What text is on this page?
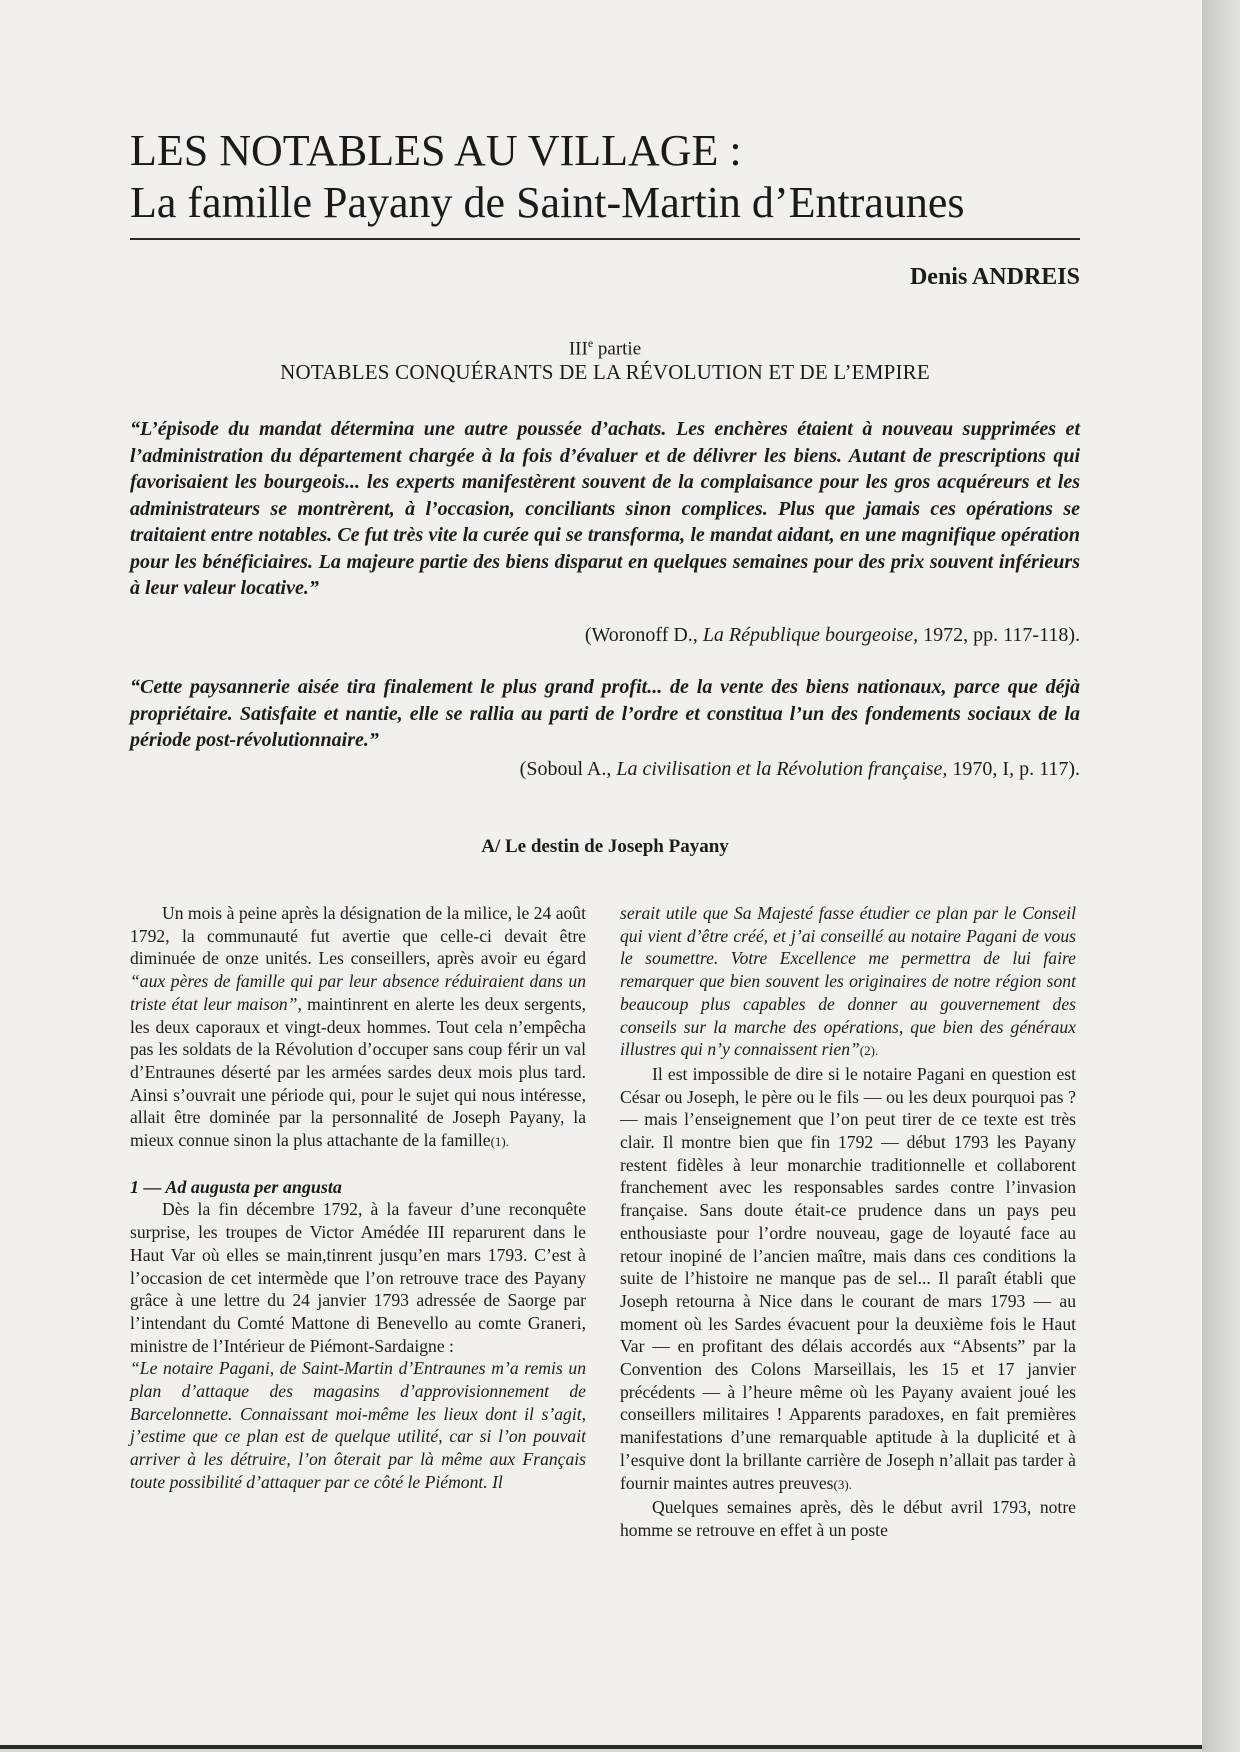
LES NOTABLES AU VILLAGE :
La famille Payany de Saint-Martin d’Entraunes
Denis ANDREIS
IIIe partie
NOTABLES CONQUÉRANTS DE LA RÉVOLUTION ET DE L’EMPIRE
“L’épisode du mandat détermina une autre poussée d’achats. Les enchères étaient à nouveau supprimées et l’administration du département chargée à la fois d’évaluer et de délivrer les biens. Autant de prescriptions qui favorisaient les bourgeois... les experts manifestèrent souvent de la complaisance pour les gros acquéreurs et les administrateurs se montrèrent, à l’occasion, conciliants sinon complices. Plus que jamais ces opérations se traitaient entre notables. Ce fut très vite la curée qui se transforma, le mandat aidant, en une magnifique opération pour les bénéficiaires. La majeure partie des biens disparut en quelques semaines pour des prix souvent inférieurs à leur valeur locative.”
(Woronoff D., La République bourgeoise, 1972, pp. 117-118).
“Cette paysannerie aisée tira finalement le plus grand profit... de la vente des biens nationaux, parce que déjà propriétaire. Satisfaite et nantie, elle se rallia au parti de l’ordre et constitua l’un des fondements sociaux de la période post-révolutionnaire.”
(Soboul A., La civilisation et la Révolution française, 1970, I, p. 117).
A/ Le destin de Joseph Payany

Un mois à peine après la désignation de la milice, le 24 août 1792, la communauté fut avertie que celle-ci devait être diminuée de onze unités. Les conseillers, après avoir eu égard “aux pères de famille qui par leur absence réduiraient dans un triste état leur maison”, maintinrent en alerte les deux sergents, les deux caporaux et vingt-deux hommes. Tout cela n’empêcha pas les soldats de la Révolution d’occuper sans coup férir un val d’Entraunes déserté par les armées sardes deux mois plus tard. Ainsi s’ouvrait une période qui, pour le sujet qui nous intéresse, allait être dominée par la personnalité de Joseph Payany, la mieux connue sinon la plus attachante de la famille(1).

1 — Ad augusta per angusta

Dès la fin décembre 1792, à la faveur d’une reconquête surprise, les troupes de Victor Amédée III reparurent dans le Haut Var où elles se main,tinrent jusqu’en mars 1793. C’est à l’occasion de cet intermède que l’on retrouve trace des Payany grâce à une lettre du 24 janvier 1793 adressée de Saorge par l’intendant du Comté Mattone di Benevello au comte Graneri, ministre de l’Intérieur de Piémont-Sardaigne :

“Le notaire Pagani, de Saint-Martin d’Entraunes m’a remis un plan d’attaque des magasins d’approvisionnement de Barcelonnette. Connaissant moi-même les lieux dont il s’agit, j’estime que ce plan est de quelque utilité, car si l’on pouvait arriver à les détruire, l’on ôterait par là même aux Français toute possibilité d’attaquer par ce côté le Piémont. Il

serait utile que Sa Majesté fasse étudier ce plan par le Conseil qui vient d’être créé, et j’ai conseillé au notaire Pagani de vous le soumettre. Votre Excellence me permettra de lui faire remarquer que bien souvent les originaires de notre région sont beaucoup plus capables de donner au gouvernement des conseils sur la marche des opérations, que bien des généraux illustres qui n’y connaissent rien”(2).

Il est impossible de dire si le notaire Pagani en question est César ou Joseph, le père ou le fils — ou les deux pourquoi pas ? — mais l’enseignement que l’on peut tirer de ce texte est très clair. Il montre bien que fin 1792 — début 1793 les Payany restent fidèles à leur monarchie traditionnelle et collaborent franchement avec les responsables sardes contre l’invasion française. Sans doute était-ce prudence dans un pays peu enthousiaste pour l’ordre nouveau, gage de loyauté face au retour inopiné de l’ancien maître, mais dans ces conditions la suite de l’histoire ne manque pas de sel... Il paraît établi que Joseph retourna à Nice dans le courant de mars 1793 — au moment où les Sardes évacuent pour la deuxième fois le Haut Var — en profitant des délais accordés aux “Absents” par la Convention des Colons Marseillais, les 15 et 17 janvier précédents — à l’heure même où les Payany avaient joué les conseillers militaires ! Apparents paradoxes, en fait premières manifestations d’une remarquable aptitude à la duplicité et à l’esquive dont la brillante carrière de Joseph n’allait pas tarder à fournir maintes autres preuves(3).

Quelques semaines après, dès le début avril 1793, notre homme se retrouve en effet à un poste
